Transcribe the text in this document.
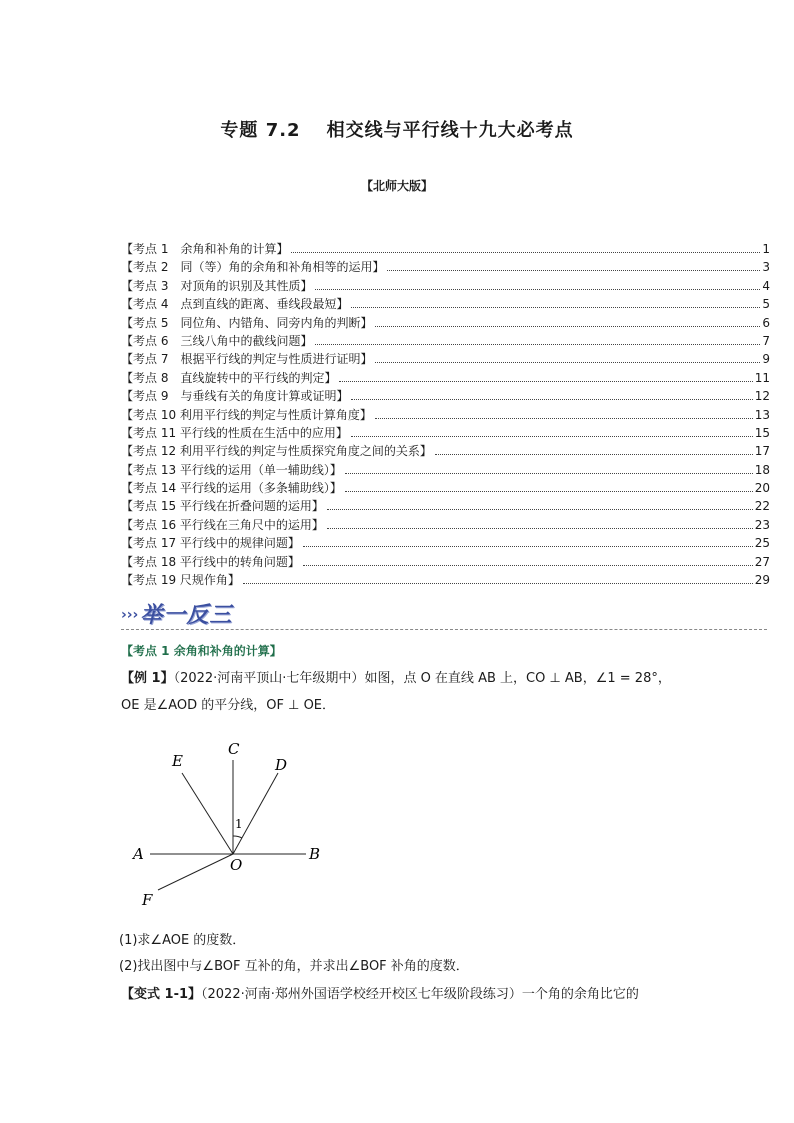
专题 7.2 相交线与平行线十九大必考点
【北师大版】
【考点 1　余角和补角的计算】	1
【考点 2　同（等）角的余角和补角相等的运用】	3
【考点 3　对顶角的识别及其性质】	4
【考点 4　点到直线的距离、垂线段最短】	5
【考点 5　同位角、内错角、同旁内角的判断】	6
【考点 6　三线八角中的截线问题】	7
【考点 7　根据平行线的判定与性质进行证明】	9
【考点 8　直线旋转中的平行线的判定】	11
【考点 9　与垂线有关的角度计算或证明】	12
【考点 10 利用平行线的判定与性质计算角度】	13
【考点 11 平行线的性质在生活中的应用】	15
【考点 12 利用平行线的判定与性质探究角度之间的关系】	17
【考点 13 平行线的运用（单一辅助线）】	18
【考点 14 平行线的运用（多条辅助线）】	20
【考点 15 平行线在折叠问题的运用】	22
【考点 16 平行线在三角尺中的运用】	23
【考点 17 平行线中的规律问题】	25
【考点 18 平行线中的转角问题】	27
【考点 19 尺规作角】	29
›››举一反三
【考点 1 余角和补角的计算】
【例 1】（2022·河南平顶山·七年级期中）如图，点 O 在直线 AB 上，CO ⊥ AB，∠1 = 28°，
OE 是∠AOD 的平分线，OF ⊥ OE．
A	B
C
D
E
F
O
1
(1)求∠AOE 的度数．
(2)找出图中与∠BOF 互补的角，并求出∠BOF 补角的度数．
【变式 1-1】（2022·河南·郑州外国语学校经开校区七年级阶段练习）一个角的余角比它的
